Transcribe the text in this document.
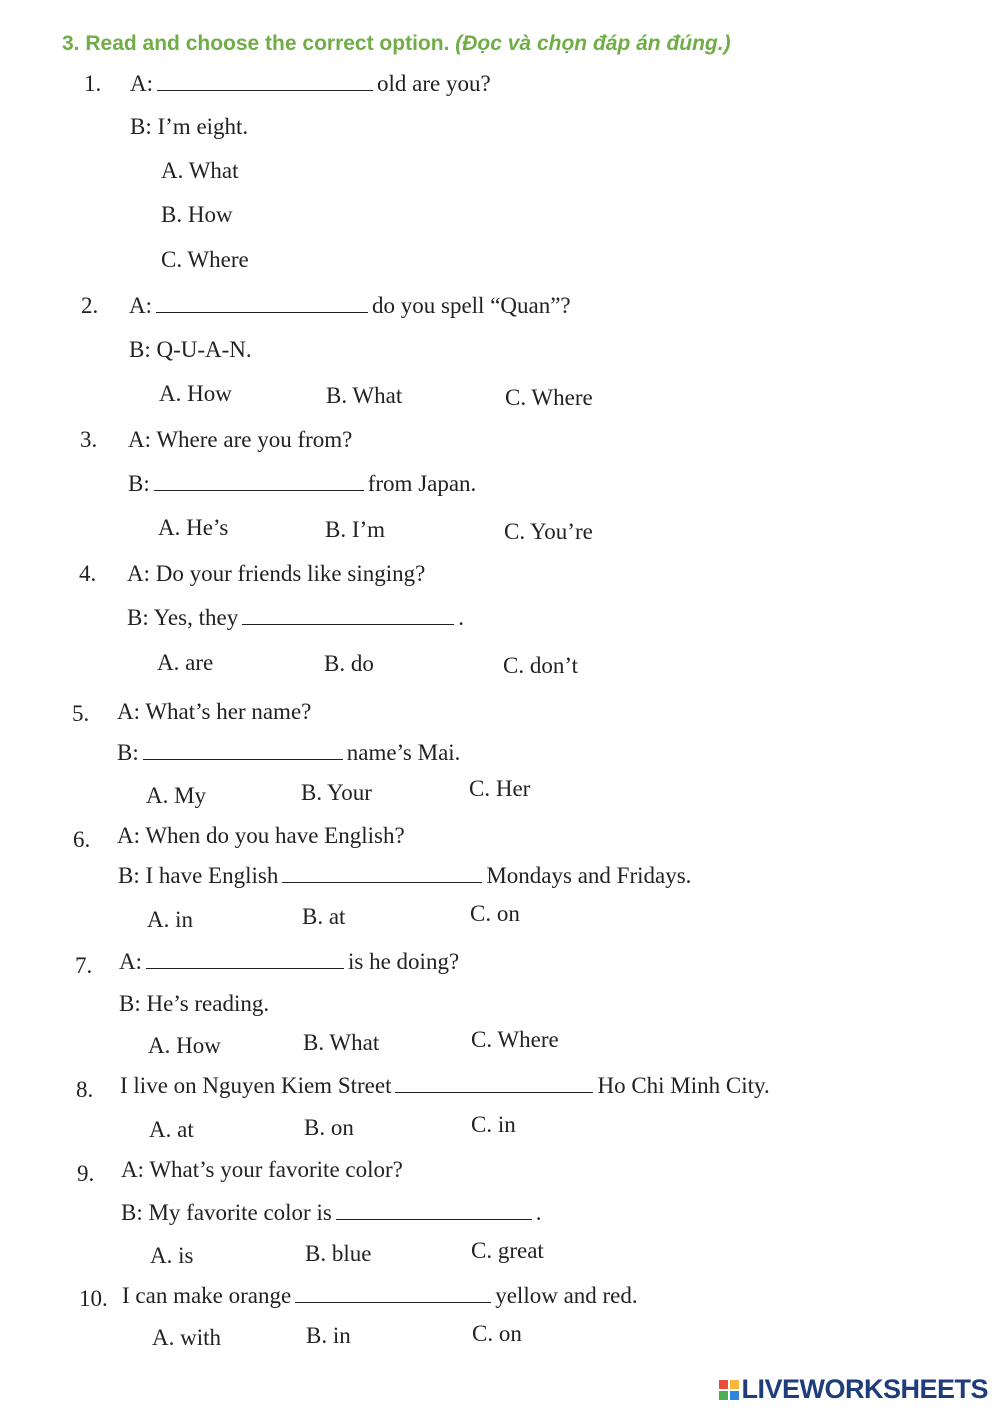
3. Read and choose the correct option. (Đọc và chọn đáp án đúng.)
1. A:	old are you?
B: I’m eight.
A. What
B. How
C. Where
2. A:	do you spell “Quan”?
B: Q-U-A-N.
A. How	B. What	C. Where
3. A: Where are you from?
B:	from Japan.
A. He’s	B. I’m	C. You’re
4. A: Do your friends like singing?
B: Yes, they	.
A. are	B. do	C. don’t
5. A: What’s her name?
B:	name’s Mai.
A. My	B. Your	C. Her
6. A: When do you have English?
B: I have English	Mondays and Fridays.
A. in	B. at	C. on
7. A:	is he doing?
B: He’s reading.
A. How	B. What	C. Where
8. I live on Nguyen Kiem Street	Ho Chi Minh City.
A. at	B. on	C. in
9. A: What’s your favorite color?
B: My favorite color is	.
A. is	B. blue	C. great
10. I can make orange	yellow and red.
A. with	B. in	C. on
LIVEWORKSHEETS
